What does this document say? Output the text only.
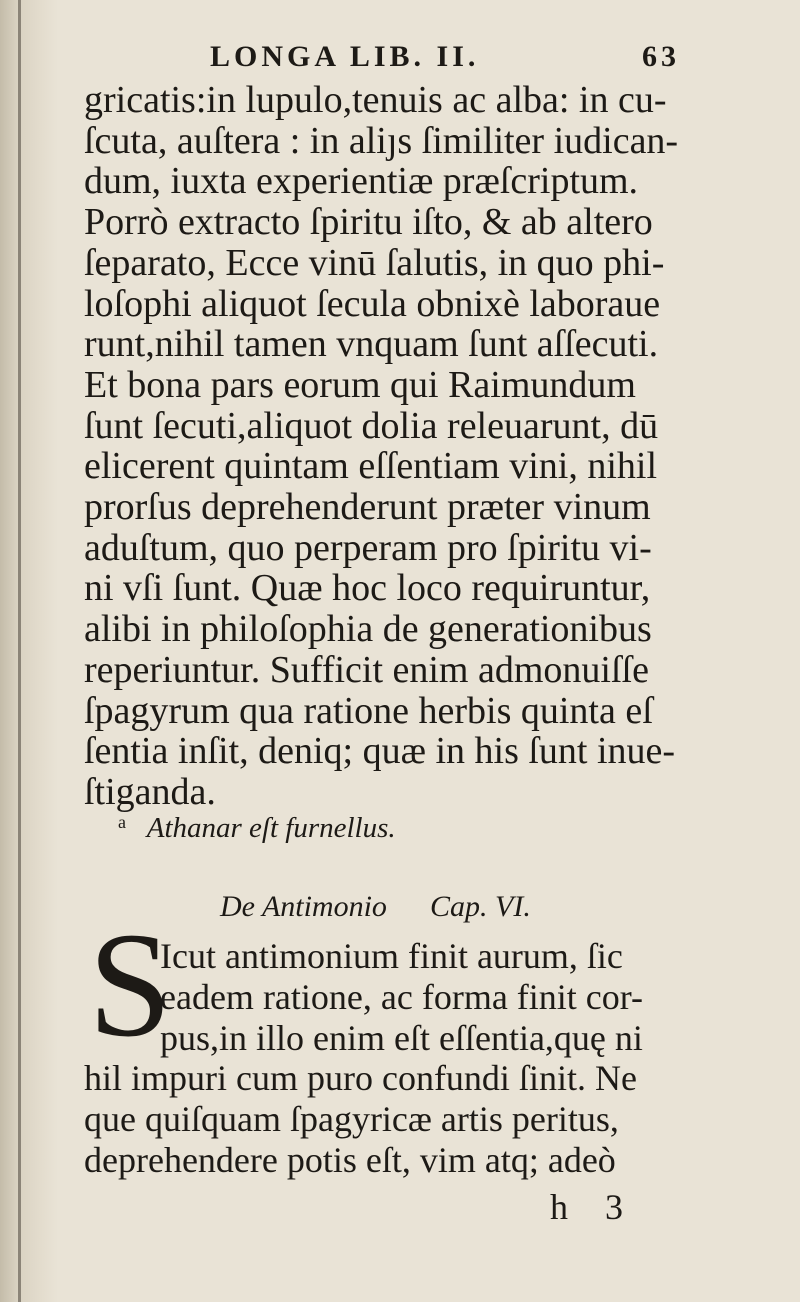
LONGA LIB. II.	63
gricatis:in lupulo,tenuis ac alba: in cu-
ſcuta, auſtera : in aliȷs ſimiliter iudican-
dum, iuxta experientiæ præſcriptum.
Porrò extracto ſpiritu iſto, & ab altero
ſeparato, Ecce vinū ſalutis, in quo phi-
loſophi aliquot ſecula obnixè laboraue
runt,nihil tamen vnquam ſunt aſſecuti.
Et bona pars eorum qui Raimundum
ſunt ſecuti,aliquot dolia releuarunt, dū
elicerent quintam eſſentiam vini, nihil
prorſus deprehenderunt præter vinum
aduſtum, quo perperam pro ſpiritu vi-
ni vſi ſunt. Quæ hoc loco requiruntur,
alibi in philoſophia de generationibus
reperiuntur. Sufficit enim admonuiſſe
ſpagyrum qua ratione herbis quinta eſ
ſentia inſit, deniq; quæ in his ſunt inue-
ſtiganda.
$^a$ Athanar eſt furnellus.
De Antimonio Cap. VI.
S
Icut antimonium finit aurum, ſic
eadem ratione, ac forma finit cor-
pus,in illo enim eſt eſſentia,quę ni
hil impuri cum puro confundi ſinit. Ne
que quiſquam ſpagyricæ artis peritus,
deprehendere potis eſt, vim atq; adeò
h 3
